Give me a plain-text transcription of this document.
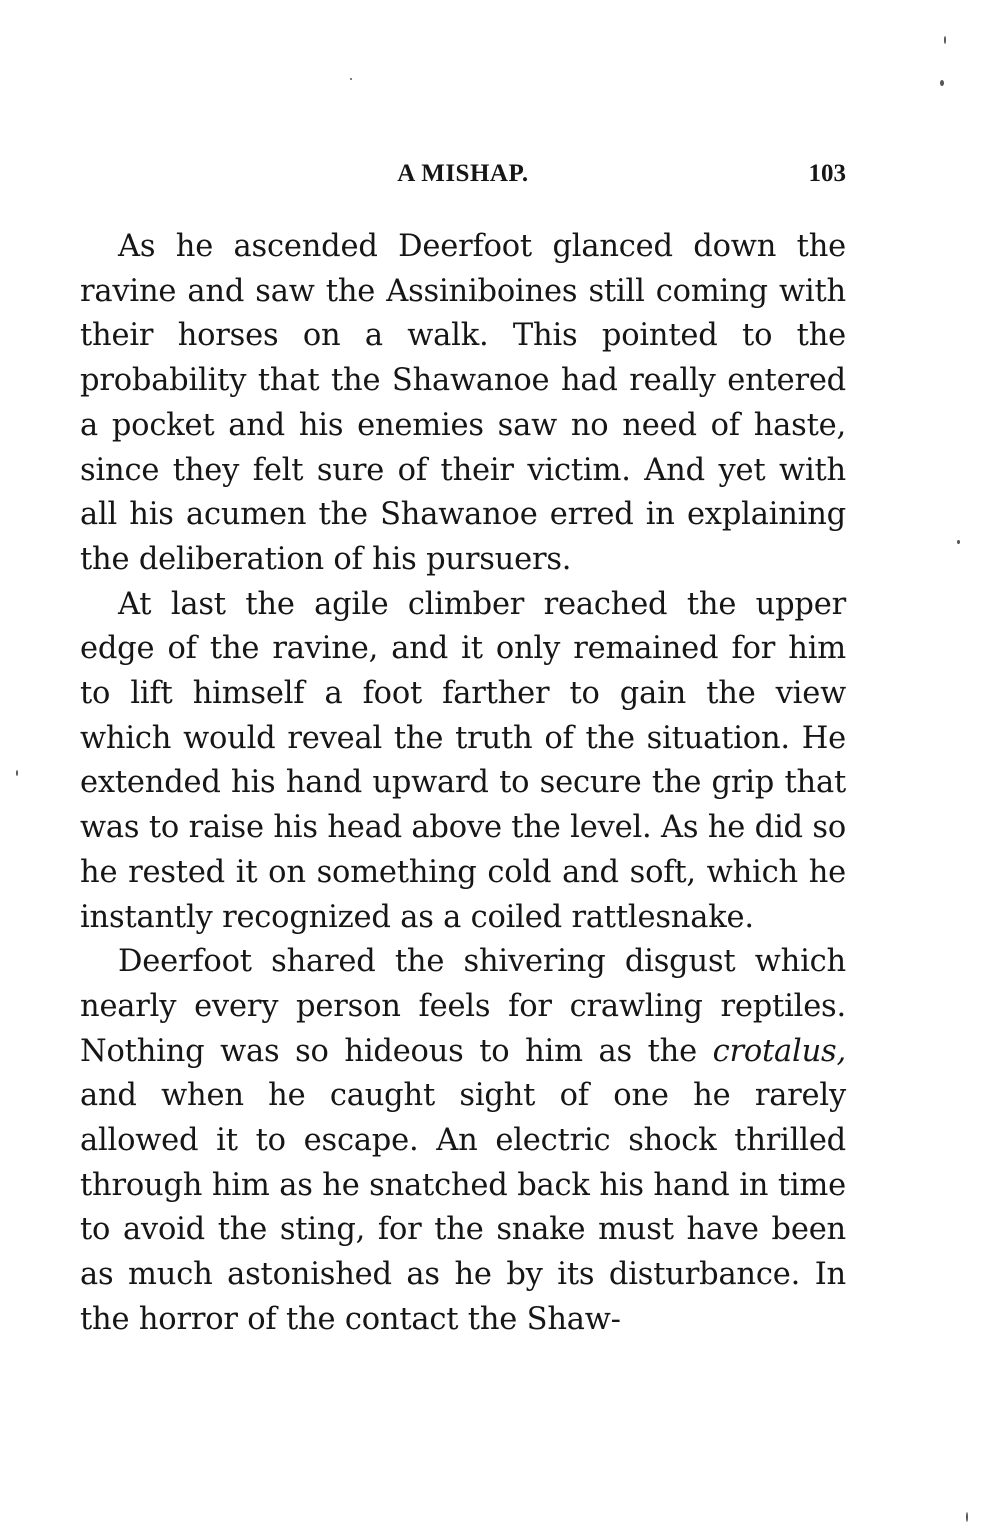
A MISHAP.	103

As he ascended Deerfoot glanced down the ravine and saw the Assiniboines still coming with their horses on a walk. This pointed to the probability that the Shawanoe had really entered a pocket and his enemies saw no need of haste, since they felt sure of their victim. And yet with all his acumen the Shawanoe erred in explaining the deliberation of his pursuers.

At last the agile climber reached the upper edge of the ravine, and it only remained for him to lift himself a foot farther to gain the view which would reveal the truth of the situation. He extended his hand upward to secure the grip that was to raise his head above the level. As he did so he rested it on something cold and soft, which he instantly recognized as a coiled rattlesnake.

Deerfoot shared the shivering disgust which nearly every person feels for crawling reptiles. Nothing was so hideous to him as the crotalus, and when he caught sight of one he rarely allowed it to escape. An electric shock thrilled through him as he snatched back his hand in time to avoid the sting, for the snake must have been as much astonished as he by its disturbance. In the horror of the contact the Shaw-
